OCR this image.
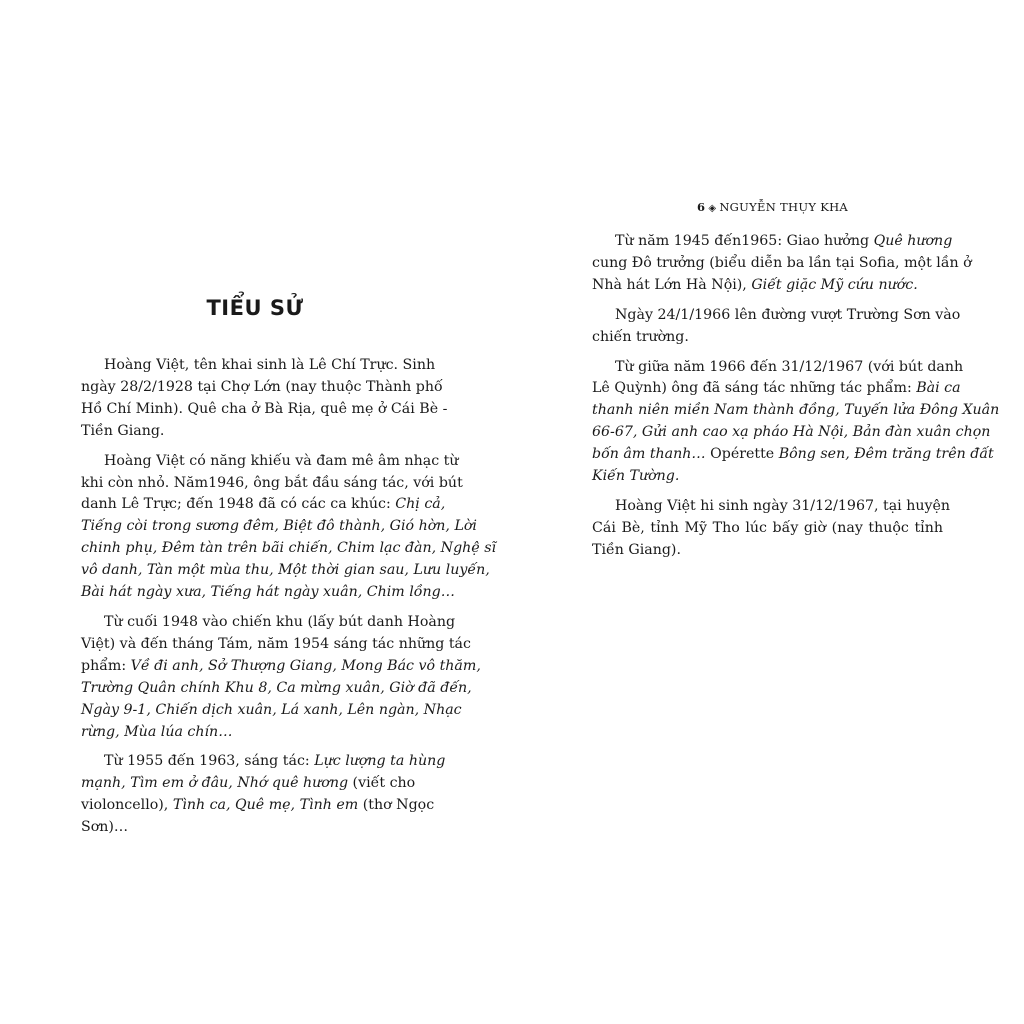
TIỂU SỬ
Hoàng Việt, tên khai sinh là Lê Chí Trực. Sinh
ngày 28/2/1928 tại Chợ Lớn (nay thuộc Thành phố
Hồ Chí Minh). Quê cha ở Bà Rịa, quê mẹ ở Cái Bè -
Tiền Giang.
Hoàng Việt có năng khiếu và đam mê âm nhạc từ
khi còn nhỏ. Năm1946, ông bắt đầu sáng tác, với bút
danh Lê Trực; đến 1948 đã có các ca khúc: Chị cả,
Tiếng còi trong sương đêm, Biệt đô thành, Gió hờn, Lời
chinh phụ, Đêm tàn trên bãi chiến, Chim lạc đàn, Nghệ sĩ
vô danh, Tàn một mùa thu, Một thời gian sau, Lưu luyến,
Bài hát ngày xưa, Tiếng hát ngày xuân, Chim lồng…
Từ cuối 1948 vào chiến khu (lấy bút danh Hoàng
Việt) và đến tháng Tám, năm 1954 sáng tác những tác
phẩm: Về đi anh, Sở Thượng Giang, Mong Bác vô thăm,
Trường Quân chính Khu 8, Ca mừng xuân, Giờ đã đến,
Ngày 9-1, Chiến dịch xuân, Lá xanh, Lên ngàn, Nhạc
rừng, Mùa lúa chín…
Từ 1955 đến 1963, sáng tác: Lực lượng ta hùng
mạnh, Tìm em ở đâu, Nhớ quê hương (viết cho
violoncello), Tình ca, Quê mẹ, Tình em (thơ Ngọc
Sơn)…
6 ◈ NGUYỄN THỤY KHA
Từ năm 1945 đến1965: Giao hưởng Quê hương
cung Đô trưởng (biểu diễn ba lần tại Sofia, một lần ở
Nhà hát Lớn Hà Nội), Giết giặc Mỹ cứu nước.
Ngày 24/1/1966 lên đường vượt Trường Sơn vào
chiến trường.
Từ giữa năm 1966 đến 31/12/1967 (với bút danh
Lê Quỳnh) ông đã sáng tác những tác phẩm: Bài ca
thanh niên miền Nam thành đồng, Tuyến lửa Đông Xuân
66-67, Gửi anh cao xạ pháo Hà Nội, Bản đàn xuân chọn
bốn âm thanh… Opérette Bông sen, Đêm trăng trên đất
Kiến Tường.
Hoàng Việt hi sinh ngày 31/12/1967, tại huyện
Cái Bè, tỉnh Mỹ Tho lúc bấy giờ (nay thuộc tỉnh
Tiền Giang).
